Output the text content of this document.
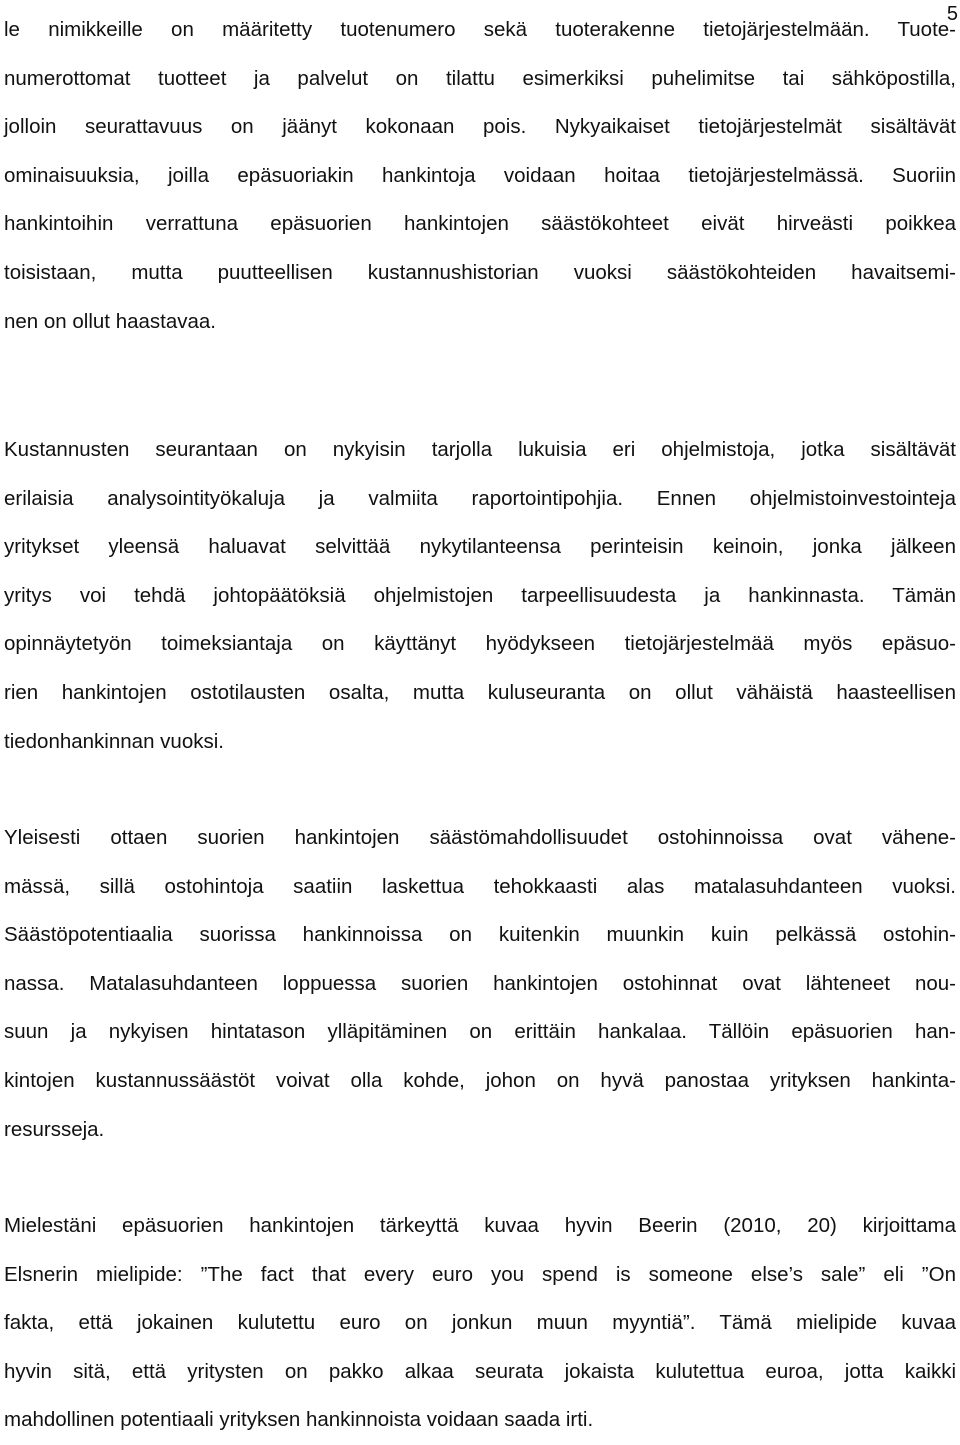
5
le nimikkeille on määritetty tuotenumero sekä tuoterakenne tietojärjestelmään. Tuote-
numerottomat tuotteet ja palvelut on tilattu esimerkiksi puhelimitse tai sähköpostilla,
jolloin seurattavuus on jäänyt kokonaan pois. Nykyaikaiset tietojärjestelmät sisältävät
ominaisuuksia, joilla epäsuoriakin hankintoja voidaan hoitaa tietojärjestelmässä. Suoriin
hankintoihin verrattuna epäsuorien hankintojen säästökohteet eivät hirveästi poikkea
toisistaan, mutta puutteellisen kustannushistorian vuoksi säästökohteiden havaitsemi-
nen on ollut haastavaa.
Kustannusten seurantaan on nykyisin tarjolla lukuisia eri ohjelmistoja, jotka sisältävät
erilaisia analysointityökaluja ja valmiita raportointipohjia. Ennen ohjelmistoinvestointeja
yritykset yleensä haluavat selvittää nykytilanteensa perinteisin keinoin, jonka jälkeen
yritys voi tehdä johtopäätöksiä ohjelmistojen tarpeellisuudesta ja hankinnasta. Tämän
opinnäytetyön toimeksiantaja on käyttänyt hyödykseen tietojärjestelmää myös epäsuo-
rien hankintojen ostotilausten osalta, mutta kuluseuranta on ollut vähäistä haasteellisen
tiedonhankinnan vuoksi.
Yleisesti ottaen suorien hankintojen säästömahdollisuudet ostohinnoissa ovat vähene-
mässä, sillä ostohintoja saatiin laskettua tehokkaasti alas matalasuhdanteen vuoksi.
Säästöpotentiaalia suorissa hankinnoissa on kuitenkin muunkin kuin pelkässä ostohin-
nassa. Matalasuhdanteen loppuessa suorien hankintojen ostohinnat ovat lähteneet nou-
suun ja nykyisen hintatason ylläpitäminen on erittäin hankalaa. Tällöin epäsuorien han-
kintojen kustannussäästöt voivat olla kohde, johon on hyvä panostaa yrityksen hankinta-
resursseja.
Mielestäni epäsuorien hankintojen tärkeyttä kuvaa hyvin Beerin (2010, 20) kirjoittama
Elsnerin mielipide: ”The fact that every euro you spend is someone else’s sale” eli ”On
fakta, että jokainen kulutettu euro on jonkun muun myyntiä”. Tämä mielipide kuvaa
hyvin sitä, että yritysten on pakko alkaa seurata jokaista kulutettua euroa, jotta kaikki
mahdollinen potentiaali yrityksen hankinnoista voidaan saada irti.
